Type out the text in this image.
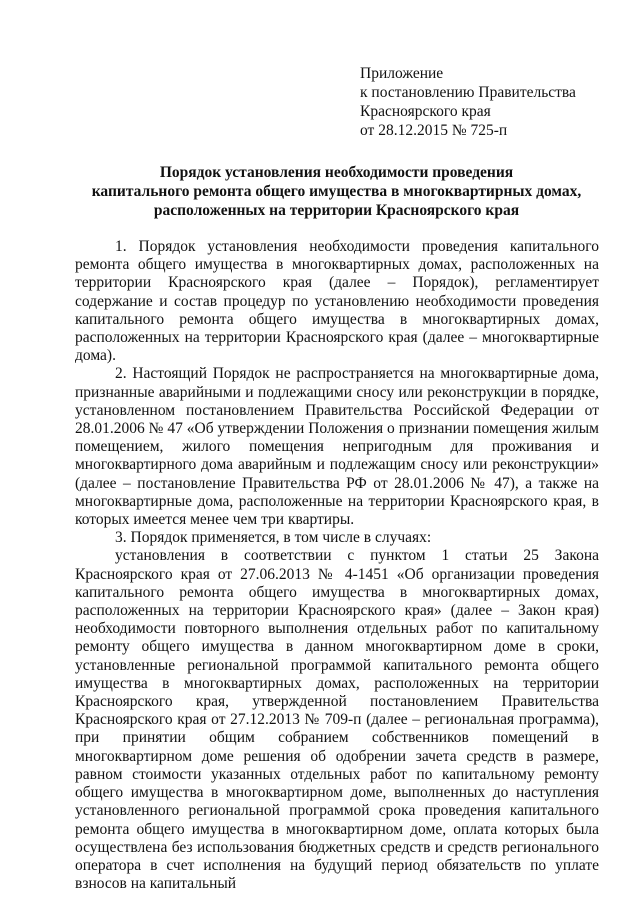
Приложение
к постановлению Правительства
Красноярского края
от 28.12.2015 № 725-п
Порядок установления необходимости проведения
капитального ремонта общего имущества в многоквартирных домах,
расположенных на территории Красноярского края

1. Порядок установления необходимости проведения капитального ремонта общего имущества в многоквартирных домах, расположенных на территории Красноярского края (далее – Порядок), регламентирует содержание и состав процедур по установлению необходимости проведения капитального ремонта общего имущества в многоквартирных домах, расположенных на территории Красноярского края (далее – многоквартирные дома).

2. Настоящий Порядок не распространяется на многоквартирные дома, признанные аварийными и подлежащими сносу или реконструкции в порядке, установленном постановлением Правительства Российской Федерации от 28.01.2006 № 47 «Об утверждении Положения о признании помещения жилым помещением, жилого помещения непригодным для проживания и многоквартирного дома аварийным и подлежащим сносу или реконструкции» (далее – постановление Правительства РФ от 28.01.2006 № 47), а также на многоквартирные дома, расположенные на территории Красноярского края, в которых имеется менее чем три квартиры.

3. Порядок применяется, в том числе в случаях:

установления в соответствии с пунктом 1 статьи 25 Закона Красноярского края от 27.06.2013 № 4-1451 «Об организации проведения капитального ремонта общего имущества в многоквартирных домах, расположенных на территории Красноярского края» (далее – Закон края) необходимости повторного выполнения отдельных работ по капитальному ремонту общего имущества в данном многоквартирном доме в сроки, установленные региональной программой капитального ремонта общего имущества в многоквартирных домах, расположенных на территории Красноярского края, утвержденной постановлением Правительства Красноярского края от 27.12.2013 № 709-п (далее – региональная программа), при принятии общим собранием собственников помещений в многоквартирном доме решения об одобрении зачета средств в размере, равном стоимости указанных отдельных работ по капитальному ремонту общего имущества в многоквартирном доме, выполненных до наступления установленного региональной программой срока проведения капитального ремонта общего имущества в многоквартирном доме, оплата которых была осуществлена без использования бюджетных средств и средств регионального оператора в счет исполнения на будущий период обязательств по уплате взносов на капитальный
